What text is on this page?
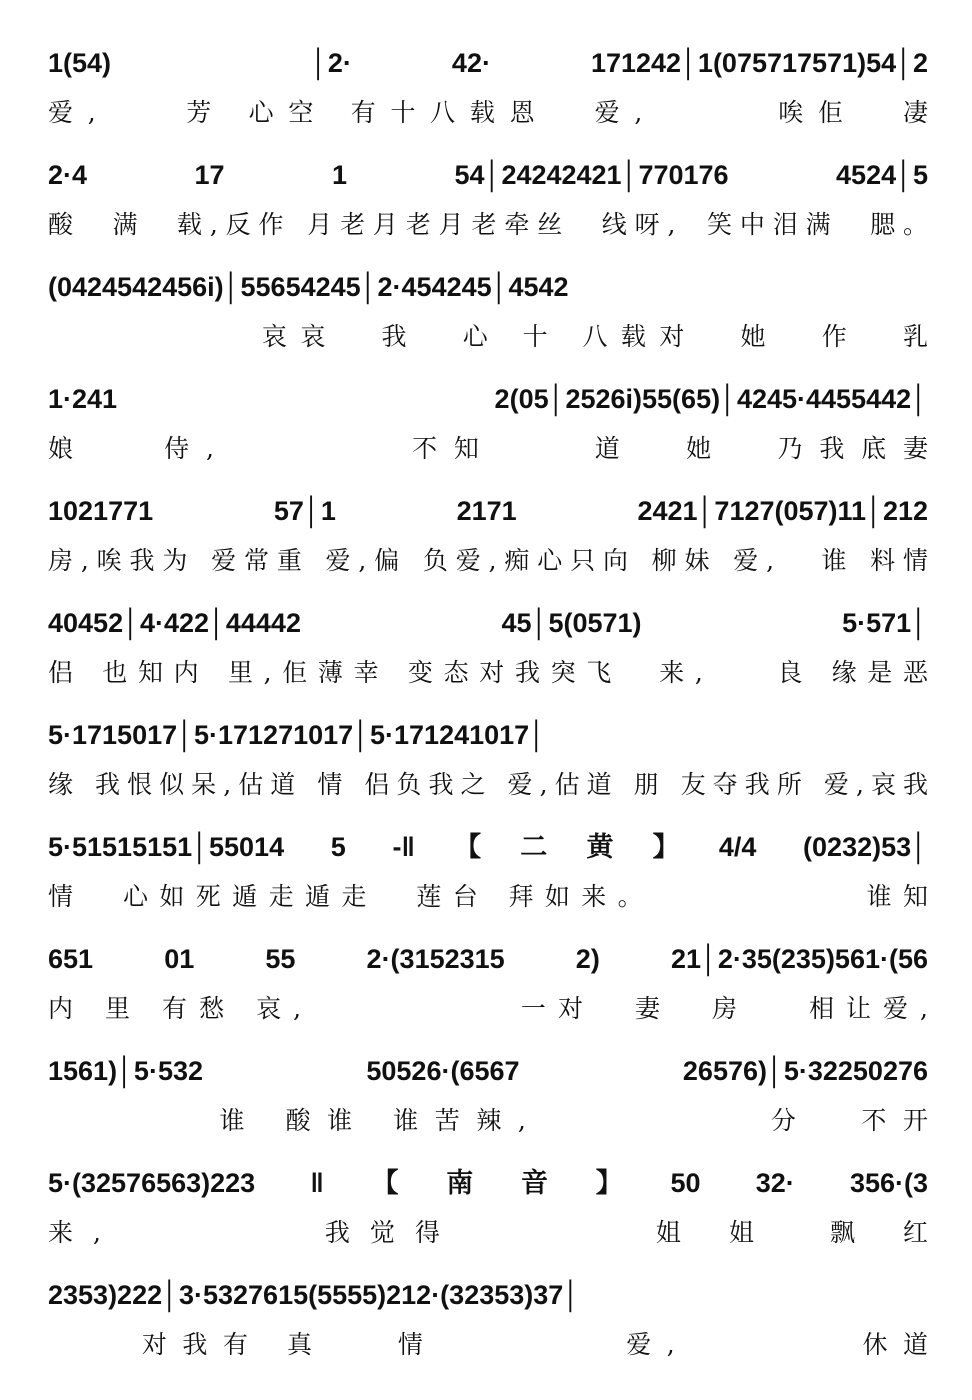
1(54)  │2· 42· 171242│1(075717571)54│2
爱,    芳 心空 有十八载恩  爱,      唉佢  凄
2·4 17 1 54│24242421│770176 4524│5
酸  满  载,反作 月老月老月老牵丝  线呀,  笑中泪满  腮。
(0424542456i)│55654245│2·454245│4542
哀哀  我  心 十 八载对  她  作  乳
1·241 2(05│2526i)55(65)│4245·4455442│
娘   侍,        不知    道  她  乃我底妻
1021771 57│1 2171 2421│7127(057)11│212
房,唉我为 爱常重 爱,偏 负爱,痴心只向 柳妹 爱,   谁 料情
40452│4·422│44442 45│5(0571) 5·571│
侣 也知内 里,佢薄幸 变态对我突飞  来,    良 缘是恶
5·1715017│5·171271017│5·171241017│
缘 我恨似呆,估道 情 侣负我之 爱,估道 朋 友夺我所 爱,哀我
5·51515151│55014 5 -‖【二黄】4/4 (0232)53│
情  心如死遁走遁走  莲台 拜如来。           谁知
651 01 55 2·(3152315 2) 21│2·35(235)561·(56
内 里 有愁 哀,           一对  妻  房   相让爱,
1561)│5·532 50526·(6567 26576)│5·32250276
谁 酸谁 谁苦辣,          分  不开
5·(32576563)223 ‖【南音】50 32· 356·(3
来,        我觉得       姐 姐  飘 红
2353)222│3·5327615(5555)212·(32353)37│
对我有 真   情        爱,        休道
